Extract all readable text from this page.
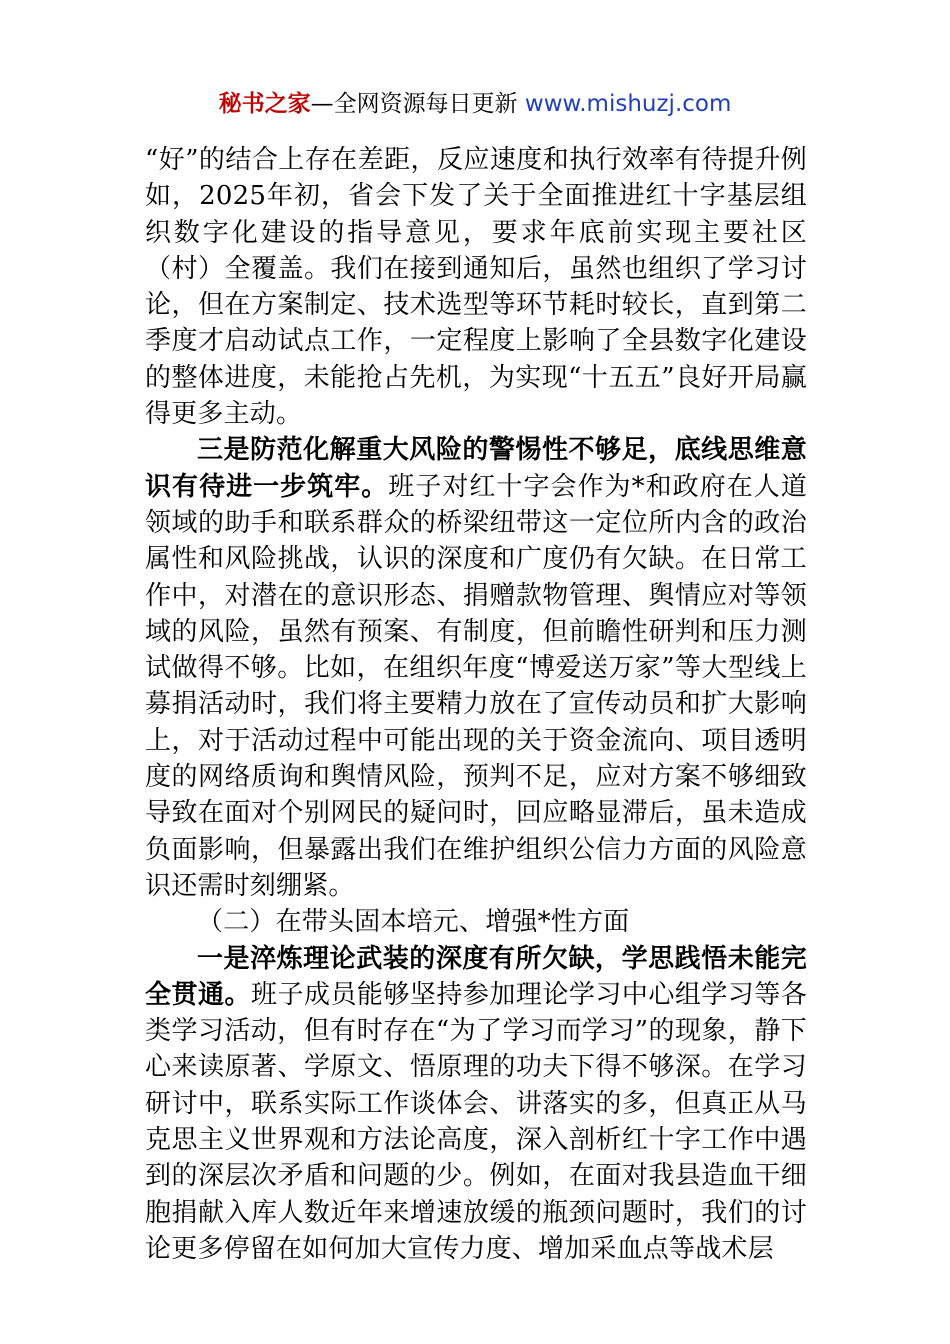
秘书之家—全网资源每日更新 www.mishuzj.com

“好”的结合上存在差距，反应速度和执行效率有待提升例如，2025年初，省会下发了关于全面推进红十字基层组织数字化建设的指导意见，要求年底前实现主要社区（村）全覆盖。我们在接到通知后，虽然也组织了学习讨论，但在方案制定、技术选型等环节耗时较长，直到第二季度才启动试点工作，一定程度上影响了全县数字化建设的整体进度，未能抢占先机，为实现“十五五”良好开局赢得更多主动。

三是防范化解重大风险的警惕性不够足，底线思维意识有待进一步筑牢。班子对红十字会作为*和政府在人道领域的助手和联系群众的桥梁纽带这一定位所内含的政治属性和风险挑战，认识的深度和广度仍有欠缺。在日常工作中，对潜在的意识形态、捐赠款物管理、舆情应对等领域的风险，虽然有预案、有制度，但前瞻性研判和压力测试做得不够。比如，在组织年度“博爱送万家”等大型线上募捐活动时，我们将主要精力放在了宣传动员和扩大影响上，对于活动过程中可能出现的关于资金流向、项目透明度的网络质询和舆情风险，预判不足，应对方案不够细致导致在面对个别网民的疑问时，回应略显滞后，虽未造成负面影响，但暴露出我们在维护组织公信力方面的风险意识还需时刻绷紧。

（二）在带头固本培元、增强*性方面

一是淬炼理论武装的深度有所欠缺，学思践悟未能完全贯通。班子成员能够坚持参加理论学习中心组学习等各类学习活动，但有时存在“为了学习而学习”的现象，静下心来读原著、学原文、悟原理的功夫下得不够深。在学习研讨中，联系实际工作谈体会、讲落实的多，但真正从马克思主义世界观和方法论高度，深入剖析红十字工作中遇到的深层次矛盾和问题的少。例如，在面对我县造血干细胞捐献入库人数近年来增速放缓的瓶颈问题时，我们的讨论更多停留在如何加大宣传力度、增加采血点等战术层
